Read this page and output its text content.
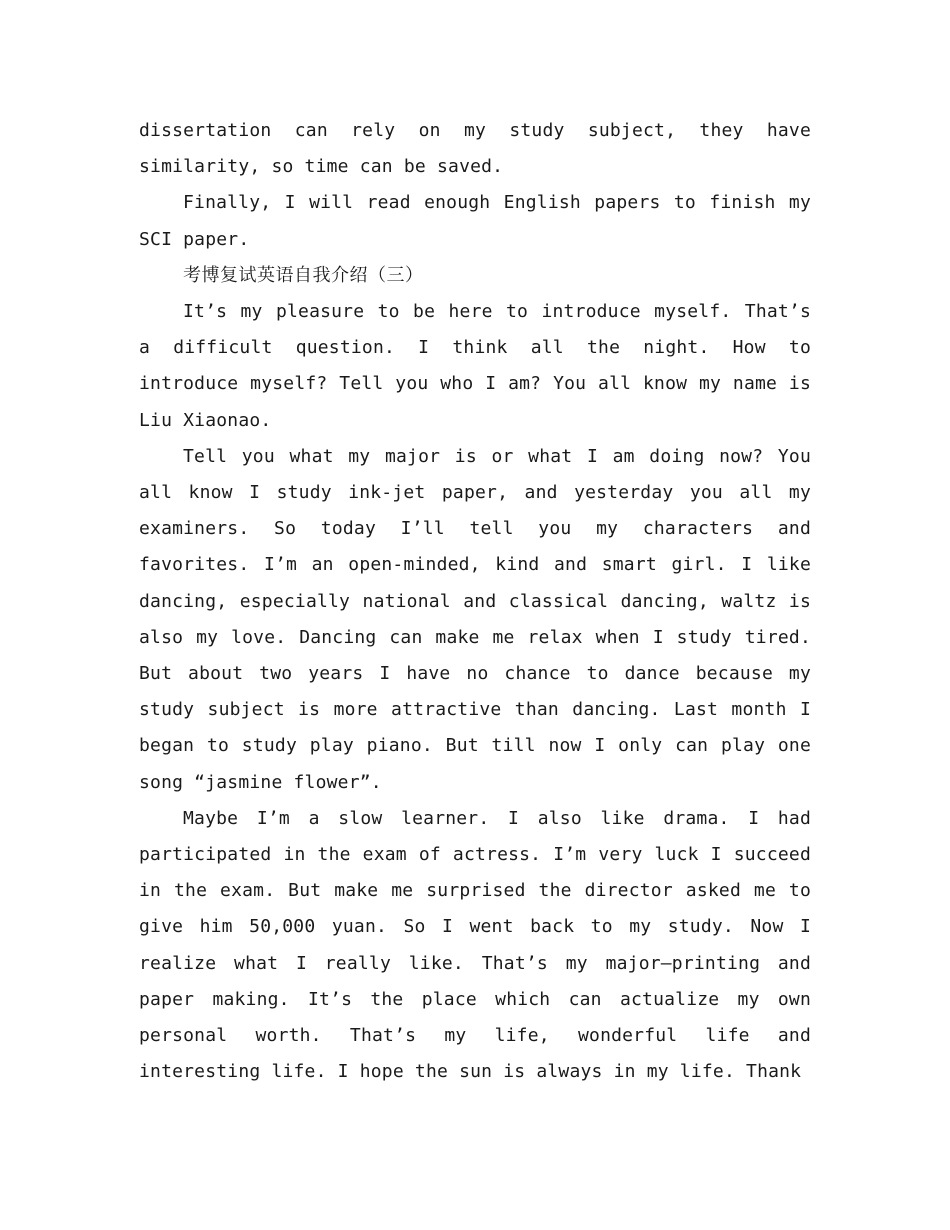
dissertation can rely on my study subject, they have similarity, so time can be saved.

Finally, I will read enough English papers to finish my SCI paper.

考博复试英语自我介绍（三）

It’s my pleasure to be here to introduce myself. That’s a difficult question. I think all the night. How to introduce myself? Tell you who I am? You all know my name is Liu Xiaonao.

Tell you what my major is or what I am doing now? You all know I study ink-jet paper, and yesterday you all my examiners. So today I’ll tell you my characters and favorites. I’m an open-minded, kind and smart girl. I like dancing, especially national and classical dancing, waltz is also my love. Dancing can make me relax when I study tired. But about two years I have no chance to dance because my study subject is more attractive than dancing. Last month I began to study play piano. But till now I only can play one song “jasmine flower”.

Maybe I’m a slow learner. I also like drama. I had participated in the exam of actress. I’m very luck I succeed in the exam. But make me surprised the director asked me to give him 50,000 yuan. So I went back to my study. Now I realize what I really like. That’s my major—printing and paper making. It’s the place which can actualize my own personal worth. That’s my life, wonderful life and interesting life. I hope the sun is always in my life. Thank
